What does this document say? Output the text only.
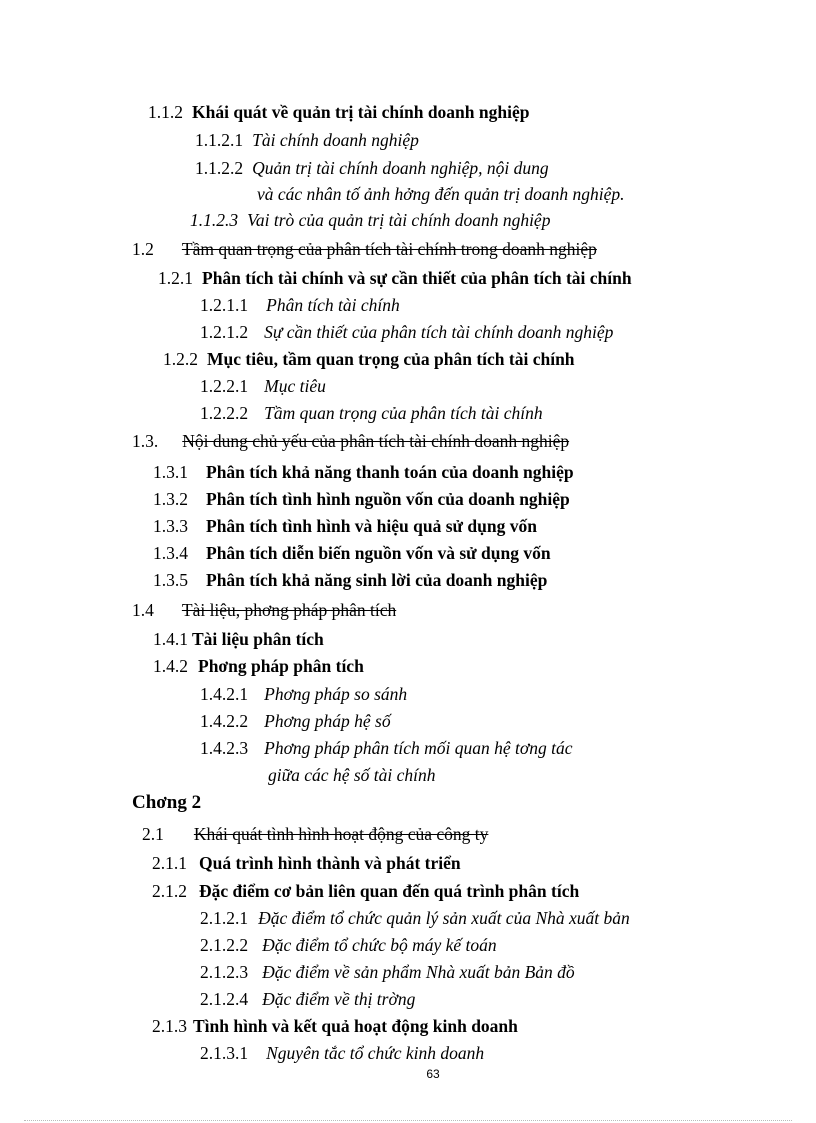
1.1.2 Khái quát về quản trị tài chính doanh nghiệp
1.1.2.1 Tài chính doanh nghiệp
1.1.2.2 Quản trị tài chính doanh nghiệp, nội dung
và các nhân tố ảnh hởng đến quản trị doanh nghiệp.
1.1.2.3 Vai trò của quản trị tài chính doanh nghiệp
1.2 Tầm quan trọng của phân tích tài chính trong doanh nghiệp
1.2.1 Phân tích tài chính và sự cần thiết của phân tích tài chính
1.2.1.1 Phân tích tài chính
1.2.1.2 Sự cần thiết của phân tích tài chính doanh nghiệp
1.2.2 Mục tiêu, tầm quan trọng của phân tích tài chính
1.2.2.1 Mục tiêu
1.2.2.2 Tầm quan trọng của phân tích tài chính
1.3. Nội dung chủ yếu của phân tích tài chính doanh nghiệp
1.3.1 Phân tích khả năng thanh toán của doanh nghiệp
1.3.2 Phân tích tình hình nguồn vốn của doanh nghiệp
1.3.3 Phân tích tình hình và hiệu quả sử dụng vốn
1.3.4 Phân tích diễn biến nguồn vốn và sử dụng vốn
1.3.5 Phân tích khả năng sinh lời của doanh nghiệp
1.4 Tài liệu, phơng pháp phân tích
1.4.1 Tài liệu phân tích
1.4.2 Phơng pháp phân tích
1.4.2.1 Phơng pháp so sánh
1.4.2.2 Phơng pháp hệ số
1.4.2.3 Phơng pháp phân tích mối quan hệ tơng tác
giữa các hệ số tài chính
Chơng 2
2.1 Khái quát tình hình hoạt động của công ty
2.1.1 Quá trình hình thành và phát triển
2.1.2 Đặc điểm cơ bản liên quan đến quá trình phân tích
2.1.2.1 Đặc điểm tổ chức quản lý sản xuất của Nhà xuất bản
2.1.2.2 Đặc điểm tổ chức bộ máy kế toán
2.1.2.3 Đặc điểm về sản phẩm Nhà xuất bản Bản đồ
2.1.2.4 Đặc điểm về thị trờng
2.1.3 Tình hình và kết quả hoạt động kinh doanh
2.1.3.1 Nguyên tắc tổ chức kinh doanh
63
